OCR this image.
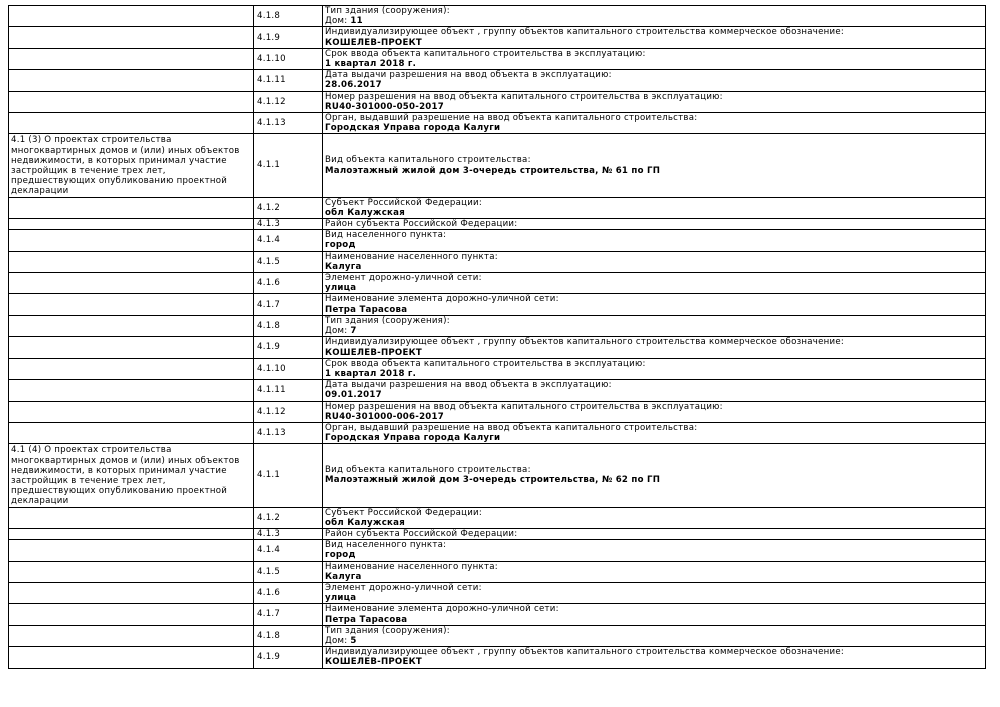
	4.1.8	Тип здания (сооружения):
Дом: 11

	4.1.9	Индивидуализирующее объект , группу объектов капитального строительства коммерческое обозначение:
КОШЕЛЕВ-ПРОЕКТ

	4.1.10	Срок ввода объекта капитального строительства в эксплуатацию:
1 квартал 2018 г.

	4.1.11	Дата выдачи разрешения на ввод объекта в эксплуатацию:
28.06.2017

	4.1.12	Номер разрешения на ввод объекта капитального строительства в эксплуатацию:
RU40-301000-050-2017

	4.1.13	Орган, выдавший разрешение на ввод объекта капитального строительства:
Городская Управа города Калуги

4.1 (3) О проектах строительства многоквартирных домов и (или) иных объектов недвижимости, в которых принимал участие застройщик в течение трех лет, предшествующих опубликованию проектной декларации	4.1.1	Вид объекта капитального строительства:
Малоэтажный жилой дом 3-очередь строительства, № 61 по ГП

	4.1.2	Субъект Российской Федерации:
обл Калужская

	4.1.3	Район субъекта Российской Федерации:

	4.1.4	Вид населенного пункта:
город

	4.1.5	Наименование населенного пункта:
Калуга

	4.1.6	Элемент дорожно-уличной сети:
улица

	4.1.7	Наименование элемента дорожно-уличной сети:
Петра Тарасова

	4.1.8	Тип здания (сооружения):
Дом: 7

	4.1.9	Индивидуализирующее объект , группу объектов капитального строительства коммерческое обозначение:
КОШЕЛЕВ-ПРОЕКТ

	4.1.10	Срок ввода объекта капитального строительства в эксплуатацию:
1 квартал 2018 г.

	4.1.11	Дата выдачи разрешения на ввод объекта в эксплуатацию:
09.01.2017

	4.1.12	Номер разрешения на ввод объекта капитального строительства в эксплуатацию:
RU40-301000-006-2017

	4.1.13	Орган, выдавший разрешение на ввод объекта капитального строительства:
Городская Управа города Калуги

4.1 (4) О проектах строительства многоквартирных домов и (или) иных объектов недвижимости, в которых принимал участие застройщик в течение трех лет, предшествующих опубликованию проектной декларации	4.1.1	Вид объекта капитального строительства:
Малоэтажный жилой дом 3-очередь строительства, № 62 по ГП

	4.1.2	Субъект Российской Федерации:
обл Калужская

	4.1.3	Район субъекта Российской Федерации:

	4.1.4	Вид населенного пункта:
город

	4.1.5	Наименование населенного пункта:
Калуга

	4.1.6	Элемент дорожно-уличной сети:
улица

	4.1.7	Наименование элемента дорожно-уличной сети:
Петра Тарасова

	4.1.8	Тип здания (сооружения):
Дом: 5

	4.1.9	Индивидуализирующее объект , группу объектов капитального строительства коммерческое обозначение:
КОШЕЛЕВ-ПРОЕКТ
